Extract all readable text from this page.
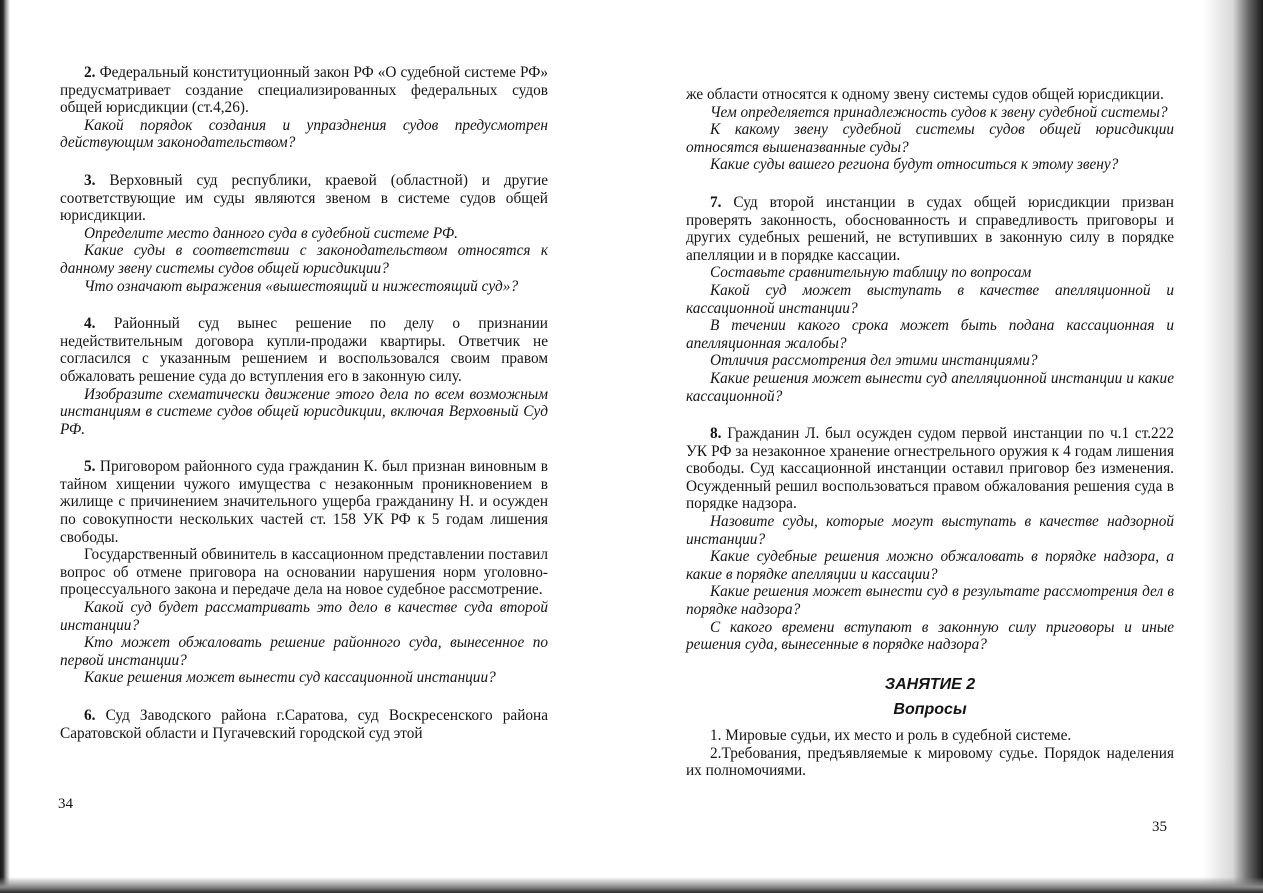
2. Федеральный конституционный закон РФ «О судебной системе РФ» предусматривает создание специализированных федеральных судов общей юрисдикции (ст.4,26).

Какой порядок создания и упразднения судов предусмотрен действующим законодательством?

3. Верховный суд республики, краевой (областной) и другие соответствующие им суды являются звеном в системе судов общей юрисдикции.

Определите место данного суда в судебной системе РФ.

Какие суды в соответствии с законодательством относятся к данному звену системы судов общей юрисдикции?

Что означают выражения «вышестоящий и нижестоящий суд»?

4. Районный суд вынес решение по делу о признании недействительным договора купли-продажи квартиры. Ответчик не согласился с указанным решением и воспользовался своим правом обжаловать решение суда до вступления его в законную силу.

Изобразите схематически движение этого дела по всем возможным инстанциям в системе судов общей юрисдикции, включая Верховный Суд РФ.

5. Приговором районного суда гражданин К. был признан виновным в тайном хищении чужого имущества с незаконным проникновением в жилище с причинением значительного ущерба гражданину Н. и осужден по совокупности нескольких частей ст. 158 УК РФ к 5 годам лишения свободы.

Государственный обвинитель в кассационном представлении поставил вопрос об отмене приговора на основании нарушения норм уголовно-процессуального закона и передаче дела на новое судебное рассмотрение.

Какой суд будет рассматривать это дело в качестве суда второй инстанции?

Кто может обжаловать решение районного суда, вынесенное по первой инстанции?

Какие решения может вынести суд кассационной инстанции?

6. Суд Заводского района г.Саратова, суд Воскресенского района Саратовской области и Пугачевский городской суд этой

34

же области относятся к одному звену системы судов общей юрисдикции.

Чем определяется принадлежность судов к звену судебной системы?

К какому звену судебной системы судов общей юрисдикции относятся вышеназванные суды?

Какие суды вашего региона будут относиться к этому звену?

7. Суд второй инстанции в судах общей юрисдикции призван проверять законность, обоснованность и справедливость приговоры и других судебных решений, не вступивших в законную силу в порядке апелляции и в порядке кассации.

Составьте сравнительную таблицу по вопросам

Какой суд может выступать в качестве апелляционной и кассационной инстанции?

В течении какого срока может быть подана кассационная и апелляционная жалобы?

Отличия рассмотрения дел этими инстанциями?

Какие решения может вынести суд апелляционной инстанции и какие кассационной?

8. Гражданин Л. был осужден судом первой инстанции по ч.1 ст.222 УК РФ за незаконное хранение огнестрельного оружия к 4 годам лишения свободы. Суд кассационной инстанции оставил приговор без изменения. Осужденный решил воспользоваться правом обжалования решения суда в порядке надзора.

Назовите суды, которые могут выступать в качестве надзорной инстанции?

Какие судебные решения можно обжаловать в порядке надзора, а какие в порядке апелляции и кассации?

Какие решения может вынести суд в результате рассмотрения дел в порядке надзора?

С какого времени вступают в законную силу приговоры и иные решения суда, вынесенные в порядке надзора?

ЗАНЯТИЕ 2
Вопросы

1. Мировые судьи, их место и роль в судебной системе.

2.Требования, предъявляемые к мировому судье. Порядок наделения их полномочиями.

35
